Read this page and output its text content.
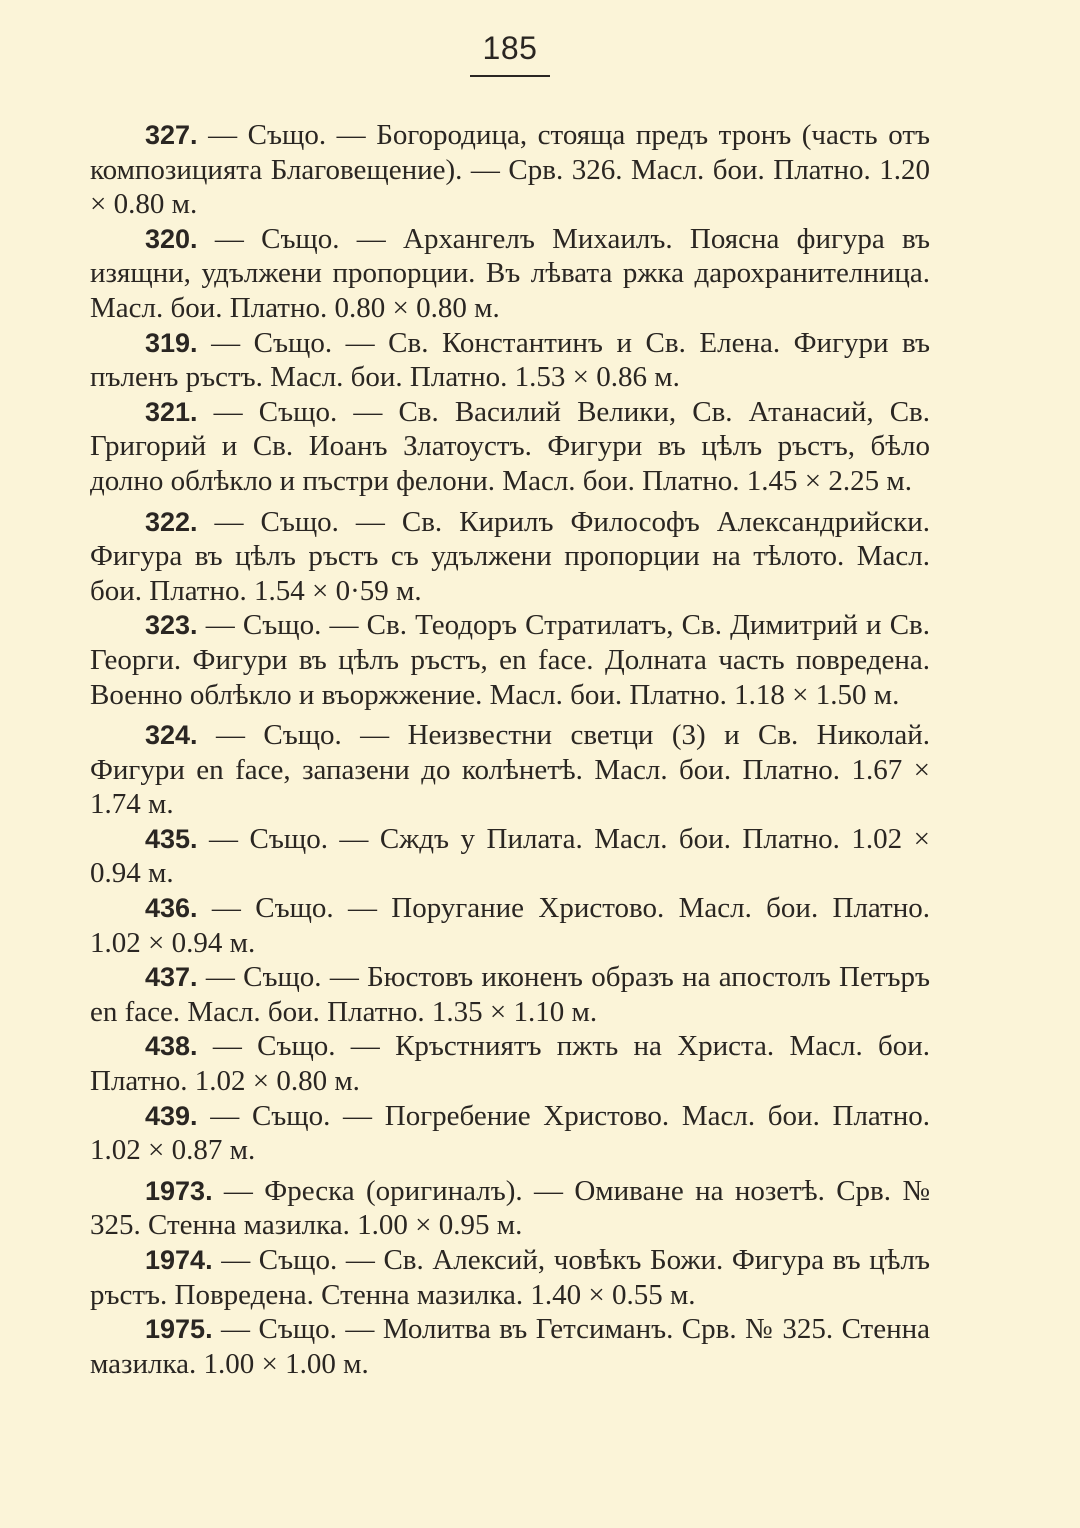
185

327. — Също. — Богородица, стояща предъ тронъ (часть отъ композицията Благовещение). — Срв. 326. Масл. бои. Платно. 1.20 × 0.80 м.

320. — Също. — Архангелъ Михаилъ. Поясна фигура въ изящни, удължени пропорции. Въ лѣвата ржка дарохранителница. Масл. бои. Платно. 0.80 × 0.80 м.

319. — Също. — Св. Константинъ и Св. Елена. Фигури въ пъленъ ръстъ. Масл. бои. Платно. 1.53 × 0.86 м.

321. — Също. — Св. Василий Велики, Св. Атанасий, Св. Григорий и Св. Иоанъ Златоустъ. Фигури въ цѣлъ ръстъ, бѣло долно облѣкло и пъстри фелони. Масл. бои. Платно. 1.45 × 2.25 м.

322. — Също. — Св. Кирилъ Философъ Александрийски. Фигура въ цѣлъ ръстъ съ удължени пропорции на тѣлото. Масл. бои. Платно. 1.54 × 0·59 м.

323. — Също. — Св. Теодоръ Стратилатъ, Св. Димитрий и Св. Георги. Фигури въ цѣлъ ръстъ, en face. Долната часть повредена. Военно облѣкло и въоржжение. Масл. бои. Платно. 1.18 × 1.50 м.

324. — Също. — Неизвестни светци (3) и Св. Николай. Фигури en face, запазени до колѣнетѣ. Масл. бои. Платно. 1.67 × 1.74 м.

435. — Също. — Сждъ у Пилата. Масл. бои. Платно. 1.02 × 0.94 м.

436. — Също. — Поругание Христово. Масл. бои. Платно. 1.02 × 0.94 м.

437. — Също. — Бюстовъ иконенъ образъ на апостолъ Петъръ en face. Масл. бои. Платно. 1.35 × 1.10 м.

438. — Също. — Кръстниятъ пжть на Христа. Масл. бои. Платно. 1.02 × 0.80 м.

439. — Също. — Погребение Христово. Масл. бои. Платно. 1.02 × 0.87 м.

1973. — Фреска (оригиналъ). — Омиване на нозетѣ. Срв. № 325. Стенна мазилка. 1.00 × 0.95 м.

1974. — Също. — Св. Алексий, човѣкъ Божи. Фигура въ цѣлъ ръстъ. Повредена. Стенна мазилка. 1.40 × 0.55 м.

1975. — Също. — Молитва въ Гетсиманъ. Срв. № 325. Стенна мазилка. 1.00 × 1.00 м.
